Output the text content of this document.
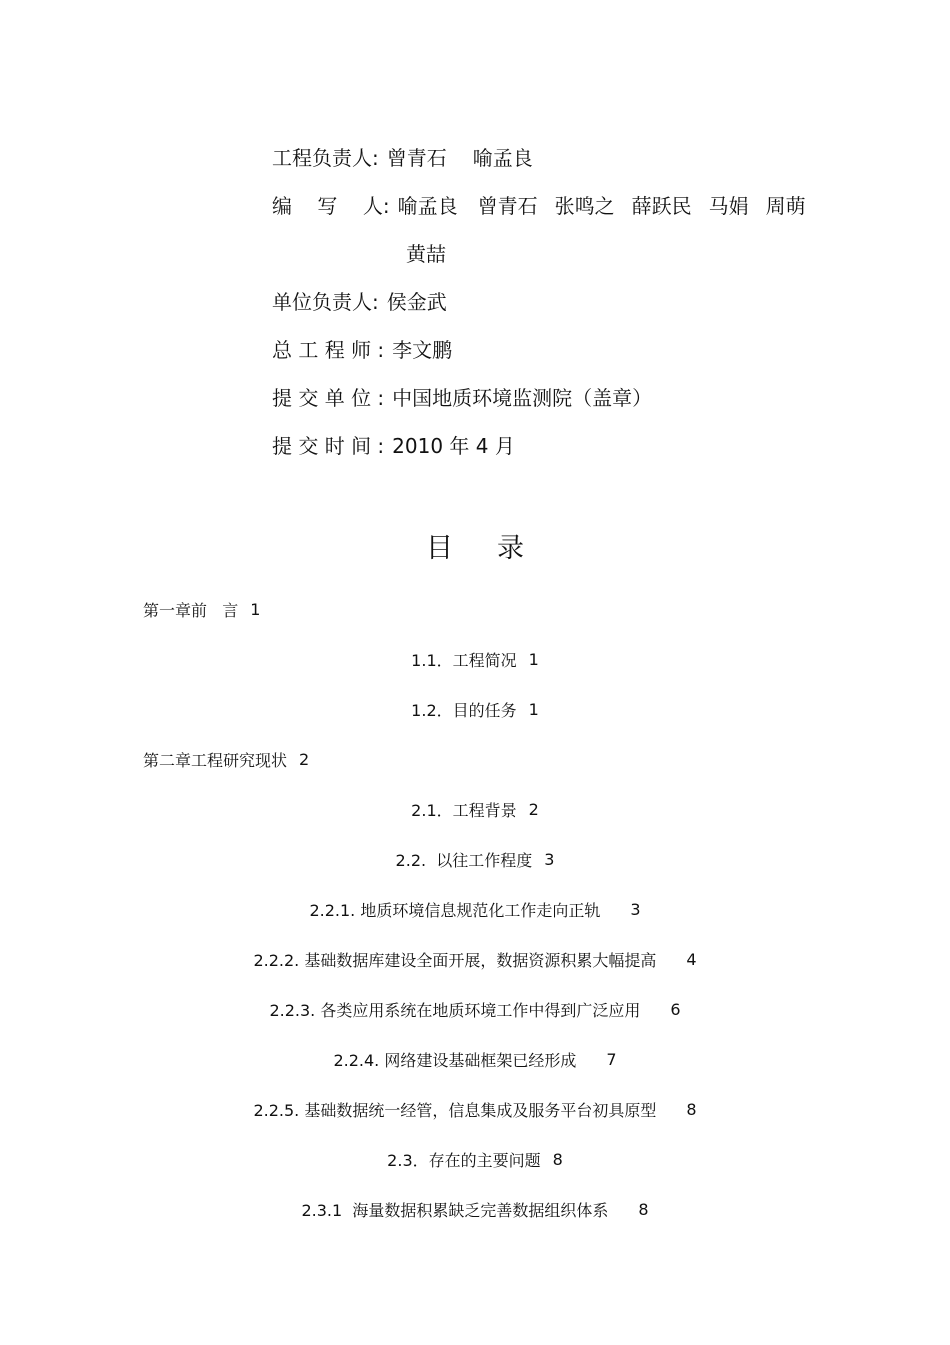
工程负责人: 曾青石 喻孟良
编    写    人: 喻孟良 曾青石 张鸣之 薛跃民 马娟 周萌
黄喆
单位负责人: 侯金武
总 工 程 师 : 李文鹏
提 交 单 位 : 中国地质环境监测院（盖章）
提 交 时 间 : 2010 年 4 月
目录
第一章前   言 1
1.1．工程简况 1
1.2．目的任务 1
第二章工程研究现状 2
2.1．工程背景 2
2.2.  以往工作程度 3
2.2.1. 地质环境信息规范化工作走向正轨 3
2.2.2. 基础数据库建设全面开展，数据资源积累大幅提高 4
2.2.3. 各类应用系统在地质环境工作中得到广泛应用 6
2.2.4. 网络建设基础框架已经形成 7
2.2.5. 基础数据统一经管，信息集成及服务平台初具原型 8
2.3．存在的主要问题 8
2.3.1  海量数据积累缺乏完善数据组织体系 8
